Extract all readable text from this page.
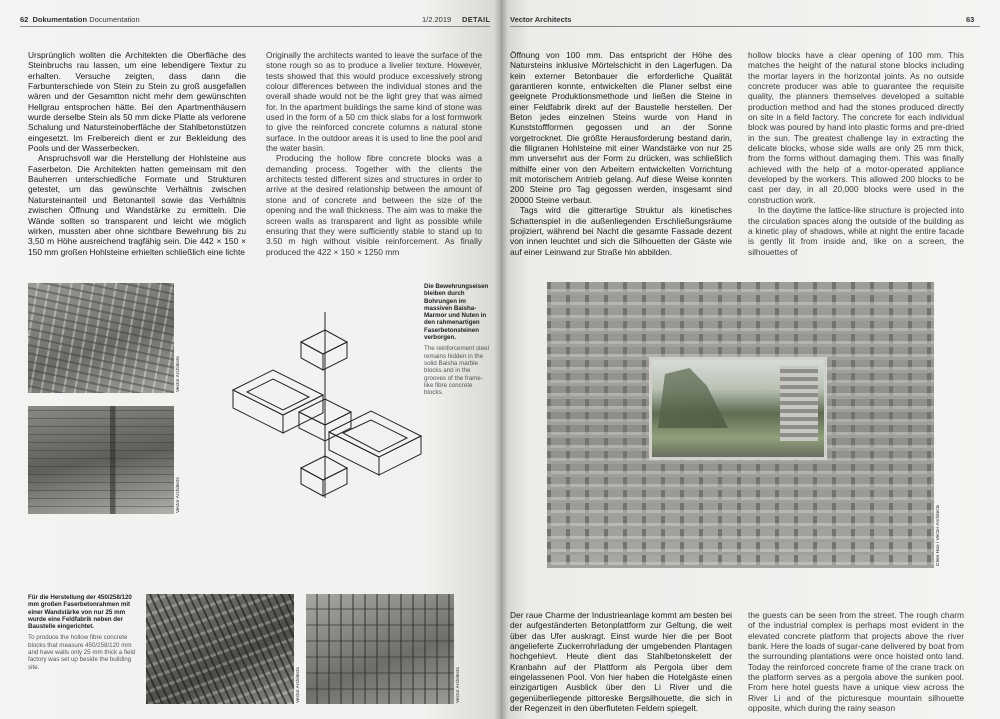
62 Dokumentation Documentation	1/2.2019 DETAIL

Ursprünglich wollten die Architekten die Oberfläche des Steinbruchs rau lassen, um eine lebendigere Textur zu erhalten. Versuche zeigten, dass dann die Farbunterschiede von Stein zu Stein zu groß ausgefallen wären und der Gesamtton nicht mehr dem gewünschten Hellgrau entsprochen hätte. Bei den Apartmenthäusern wurde derselbe Stein als 50 mm dicke Platte als verlorene Schalung und Natursteinoberfläche der Stahlbetonstützen eingesetzt. Im Freibereich dient er zur Bekleidung des Pools und der Wasserbecken.

Anspruchsvoll war die Herstellung der Hohlsteine aus Faserbeton. Die Architekten hatten gemeinsam mit den Bauherren unterschiedliche Formate und Strukturen getestet, um das gewünschte Verhältnis zwischen Natursteinanteil und Betonanteil sowie das Verhältnis zwischen Öffnung und Wandstärke zu ermitteln. Die Wände sollten so transparent und leicht wie möglich wirken, mussten aber ohne sichtbare Bewehrung bis zu 3,50 m Höhe ausreichend tragfähig sein. Die 442 × 150 × 150 mm großen Hohlsteine erhielten schließlich eine lichte

Originally the architects wanted to leave the surface of the stone rough so as to produce a livelier texture. However, tests showed that this would produce excessively strong colour differences between the individual stones and the overall shade would not be the light grey that was aimed for. In the apartment buildings the same kind of stone was used in the form of a 50 cm thick slabs for a lost formwork to give the reinforced concrete columns a natural stone surface. In the outdoor areas it is used to line the pool and the water basin.

Producing the hollow fibre concrete blocks was a demanding process. Together with the clients the architects tested different sizes and structures in order to arrive at the desired relationship between the amount of stone and of concrete and between the size of the opening and the wall thickness. The aim was to make the screen walls as transparent and light as possible while ensuring that they were sufficiently stable to stand up to 3.50 m high without visible reinforcement. As finally produced the 422 × 150 × 1250 mm

Vector Architects
Vector Architects
Die Bewehrungseisen bleiben durch Bohrungen im massiven Baisha-Marmor und Nuten in den rahmenartigen Faserbetonsteinen verborgen.
The reinforcement steel remains hidden in the solid Baisha marble blocks and in the grooves of the frame-like fibre concrete blocks.
Für die Herstellung der 450/258/120 mm großen Faserbetonrahmen mit einer Wandstärke von nur 25 mm wurde eine Feldfabrik neben der Baustelle eingerichtet.
To produce the hollow fibre concrete blocks that measure 450/258/120 mm and have walls only 25 mm thick a field factory was set up beside the building site.
Vector Architects	Vector Architects
Vector Architects	63

Öffnung von 100 mm. Das entspricht der Höhe des Natursteins inklusive Mörtelschicht in den Lagerfugen. Da kein externer Betonbauer die erforderliche Qualität garantieren konnte, entwickelten die Planer selbst eine geeignete Produktionsmethode und ließen die Steine in einer Feldfabrik direkt auf der Baustelle herstellen. Der Beton jedes einzelnen Steins wurde von Hand in Kunststoffformen gegossen und an der Sonne vorgetrocknet. Die größte Herausforderung bestand darin, die filigranen Hohlsteine mit einer Wandstärke von nur 25 mm unversehrt aus der Form zu drücken, was schließlich mithilfe einer von den Arbeitern entwickelten Vorrichtung mit motorischem Antrieb gelang. Auf diese Weise konnten 200 Steine pro Tag gegossen werden, insgesamt sind 20000 Steine verbaut.

Tags wird die gitterartige Struktur als kinetisches Schattenspiel in die außenliegenden Erschließungsräume projiziert, während bei Nacht die gesamte Fassade dezent von innen leuchtet und sich die Silhouetten der Gäste wie auf einer Leinwand zur Straße hin abbilden.

hollow blocks have a clear opening of 100 mm. This matches the height of the natural stone blocks including the mortar layers in the horizontal joints. As no outside concrete producer was able to guarantee the requisite quality, the planners themselves developed a suitable production method and had the stones produced directly on site in a field factory. The concrete for each individual block was poured by hand into plastic forms and pre-dried in the sun. The greatest challenge lay in extracting the delicate blocks, whose side walls are only 25 mm thick, from the forms without damaging them. This was finally achieved with the help of a motor-operated appliance developed by the workers. This allowed 200 blocks to be cast per day, in all 20,000 blocks were used in the construction work.

In the daytime the lattice-like structure is projected into the circulation spaces along the outside of the building as a kinetic play of shadows, while at night the entire facade is gently lit from inside and, like on a screen, the silhouettes of

Chen Hao / Vector Architects

Der raue Charme der Industrieanlage kommt am besten bei der aufgeständerten Betonplattform zur Geltung, die weit über das Ufer auskragt. Einst wurde hier die per Boot angelieferte Zuckerrohrladung der umgebenden Plantagen hochgehievt. Heute dient das Stahlbetonskelett der Kranbahn auf der Plattform als Pergola über dem eingelassenen Pool. Von hier haben die Hotelgäste einen einzigartigen Ausblick über den Li River und die gegenüberliegende pittoreske Bergsilhouette, die sich in der Regenzeit in den überfluteten Feldern spiegelt.

the guests can be seen from the street. The rough charm of the industrial complex is perhaps most evident in the elevated concrete platform that projects above the river bank. Here the loads of sugar-cane delivered by boat from the surrounding plantations were once hoisted onto land. Today the reinforced concrete frame of the crane track on the platform serves as a pergola above the sunken pool. From here hotel guests have a unique view across the River Li and of the picturesque mountain silhouette opposite, which during the rainy season
